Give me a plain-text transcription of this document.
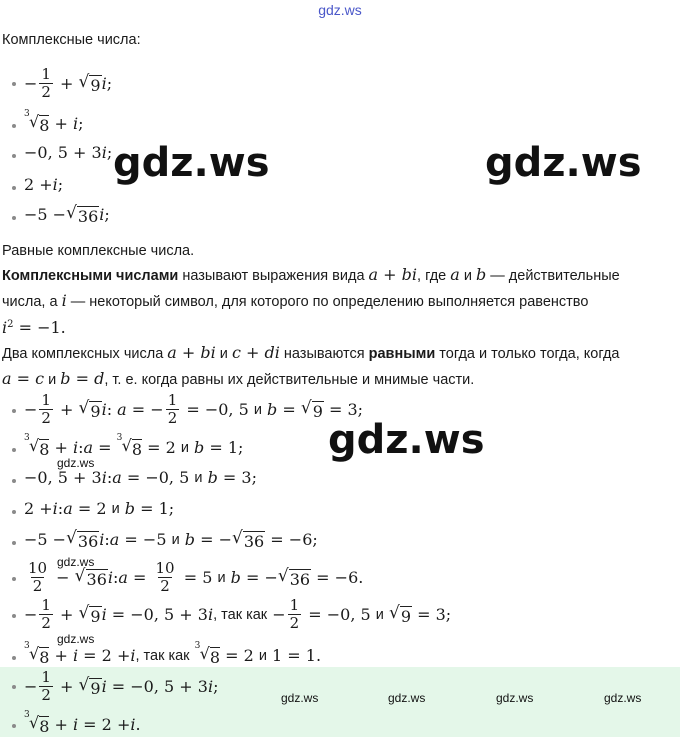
gdz.ws
Комплексные числа:
− $\frac{1}{2}$ + √ 9 i ;
3 √ 8 + i ;
−0, 5 + 3 i ;
2 + i ;
−5 − √ 36 i ;
Равные комплексные числа.
Комплексными числами называют выражения вида a + bi, где a и b — действительные
числа, а i — некоторый символ, для которого по определению выполняется равенство
$i^2 = -1$.
Два комплексных числа a + bi и c + di называются равными тогда и только тогда, когда
a = c и b = d, т. е. когда равны их действительные и мнимые части.
− $\frac{1}{2}$ + √ 9 i : a = − $\frac{1}{2} = -0$, 5 и b = √ 9 = 3;
3 √ 8 + i : a = 3 √ 8 = 2 и b = 1;
−0, 5 + 3 i : a = −0, 5 и b = 3;
2 + i : a = 2 и b = 1;
−5 − √ 36 i : a = −5 и b = − √ 36 = −6;
$\frac{10}{2}$ − √ 36 i : $a = \frac{10}{2} = 5$ и b = − √ 36 = −6.
− $\frac{1}{2}$ + √ 9 i = −0, 5 + 3 i , так как − $\frac{1}{2} = -0$, 5 и
√ 9 = 3;
3 √ 8 + i = 2 + i , так как

3 √ 8 = 2 и 1 = 1.
− $\frac{1}{2}$ + √ 9 i = −0, 5 + 3 i ;
3 √ 8 + i = 2 + i .
gdz.ws	gdz.ws
gdz.ws
gdz.ws
gdz.ws
gdz.ws
gdz.ws	gdz.ws	gdz.ws	gdz.ws
